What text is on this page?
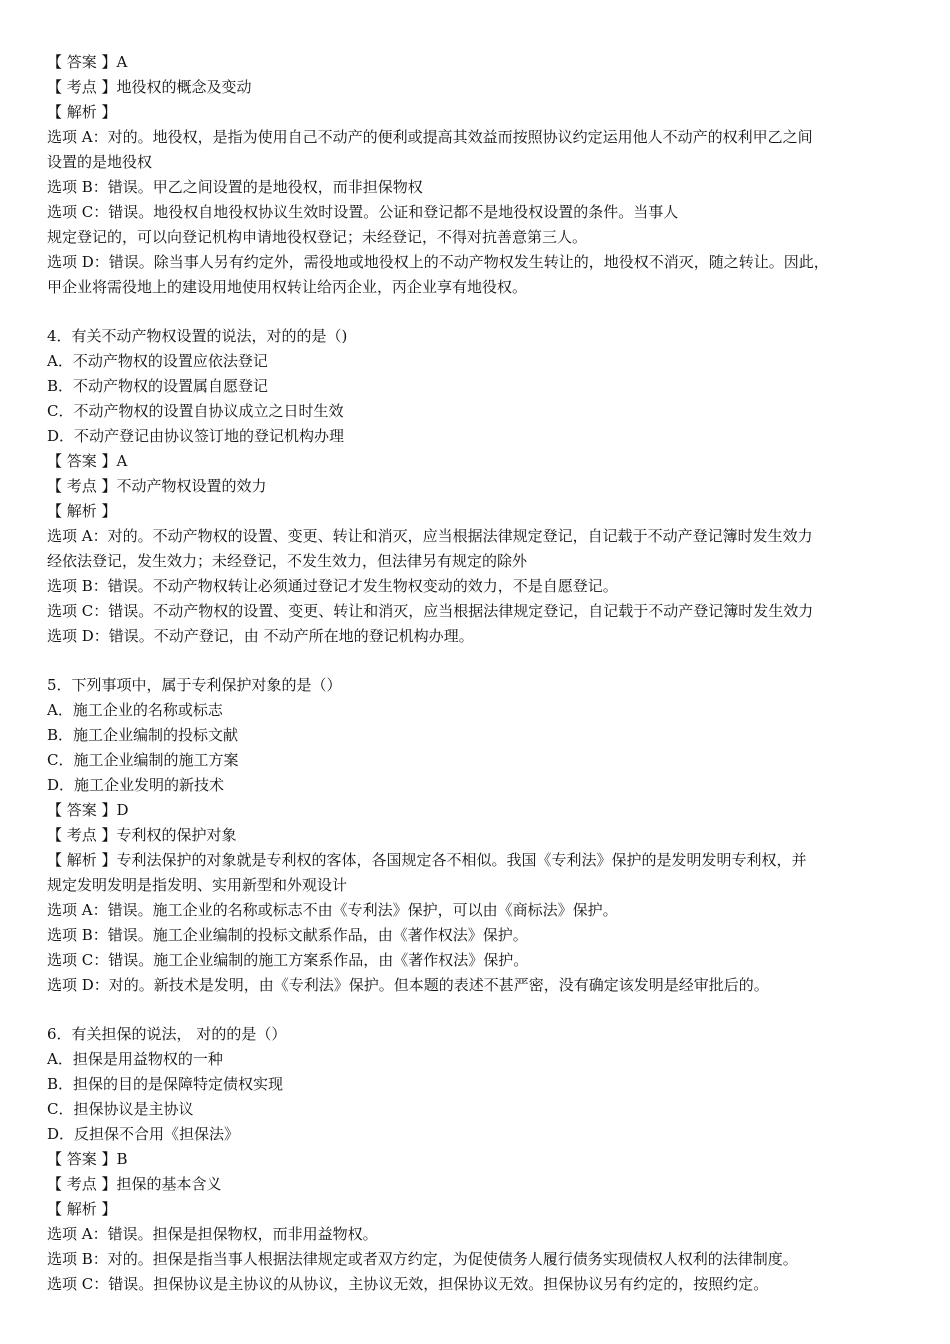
【 答案 】A
【 考点 】地役权的概念及变动
【 解析 】
选项 A：对的。地役权，是指为使用自己不动产的便利或提高其效益而按照协议约定运用他人不动产的权利甲乙之间
设置的是地役权
选项 B：错误。甲乙之间设置的是地役权，而非担保物权
选项 C：错误。地役权自地役权协议生效时设置。公证和登记都不是地役权设置的条件。当事人
规定登记的，可以向登记机构申请地役权登记；未经登记，不得对抗善意第三人。
选项 D：错误。除当事人另有约定外，需役地或地役权上的不动产物权发生转让的，地役权不消灭，随之转让。因此，
甲企业将需役地上的建设用地使用权转让给丙企业，丙企业享有地役权。
4．有关不动产物权设置的说法，对的的是（)
A．不动产物权的设置应依法登记
B．不动产物权的设置属自愿登记
C．不动产物权的设置自协议成立之日时生效
D．不动产登记由协议签订地的登记机构办理
【 答案 】A
【 考点 】不动产物权设置的效力
【 解析 】
选项 A：对的。不动产物权的设置、变更、转让和消灭，应当根据法律规定登记，自记载于不动产登记簿时发生效力
经依法登记，发生效力；未经登记，不发生效力，但法律另有规定的除外
选项 B：错误。不动产物权转让必须通过登记才发生物权变动的效力，不是自愿登记。
选项 C：错误。不动产物权的设置、变更、转让和消灭，应当根据法律规定登记，自记载于不动产登记簿时发生效力
选项 D：错误。不动产登记，由 不动产所在地的登记机构办理。
5．下列事项中，属于专利保护对象的是（）
A．施工企业的名称或标志
B．施工企业编制的投标文献
C．施工企业编制的施工方案
D．施工企业发明的新技术
【 答案 】D
【 考点 】专利权的保护对象
【 解析 】专利法保护的对象就是专利权的客体，各国规定各不相似。我国《专利法》保护的是发明发明专利权，并
规定发明发明是指发明、实用新型和外观设计
选项 A：错误。施工企业的名称或标志不由《专利法》保护，可以由《商标法》保护。
选项 B：错误。施工企业编制的投标文献系作品，由《著作权法》保护。
选项 C：错误。施工企业编制的施工方案系作品，由《著作权法》保护。
选项 D：对的。新技术是发明，由《专利法》保护。但本题的表述不甚严密，没有确定该发明是经审批后的。
6．有关担保的说法， 对的的是（）
A．担保是用益物权的一种
B．担保的目的是保障特定债权实现
C．担保协议是主协议
D．反担保不合用《担保法》
【 答案 】B
【 考点 】担保的基本含义
【 解析 】
选项 A：错误。担保是担保物权，而非用益物权。
选项 B：对的。担保是指当事人根据法律规定或者双方约定，为促使债务人履行债务实现债权人权利的法律制度。
选项 C：错误。担保协议是主协议的从协议，主协议无效，担保协议无效。担保协议另有约定的，按照约定。
